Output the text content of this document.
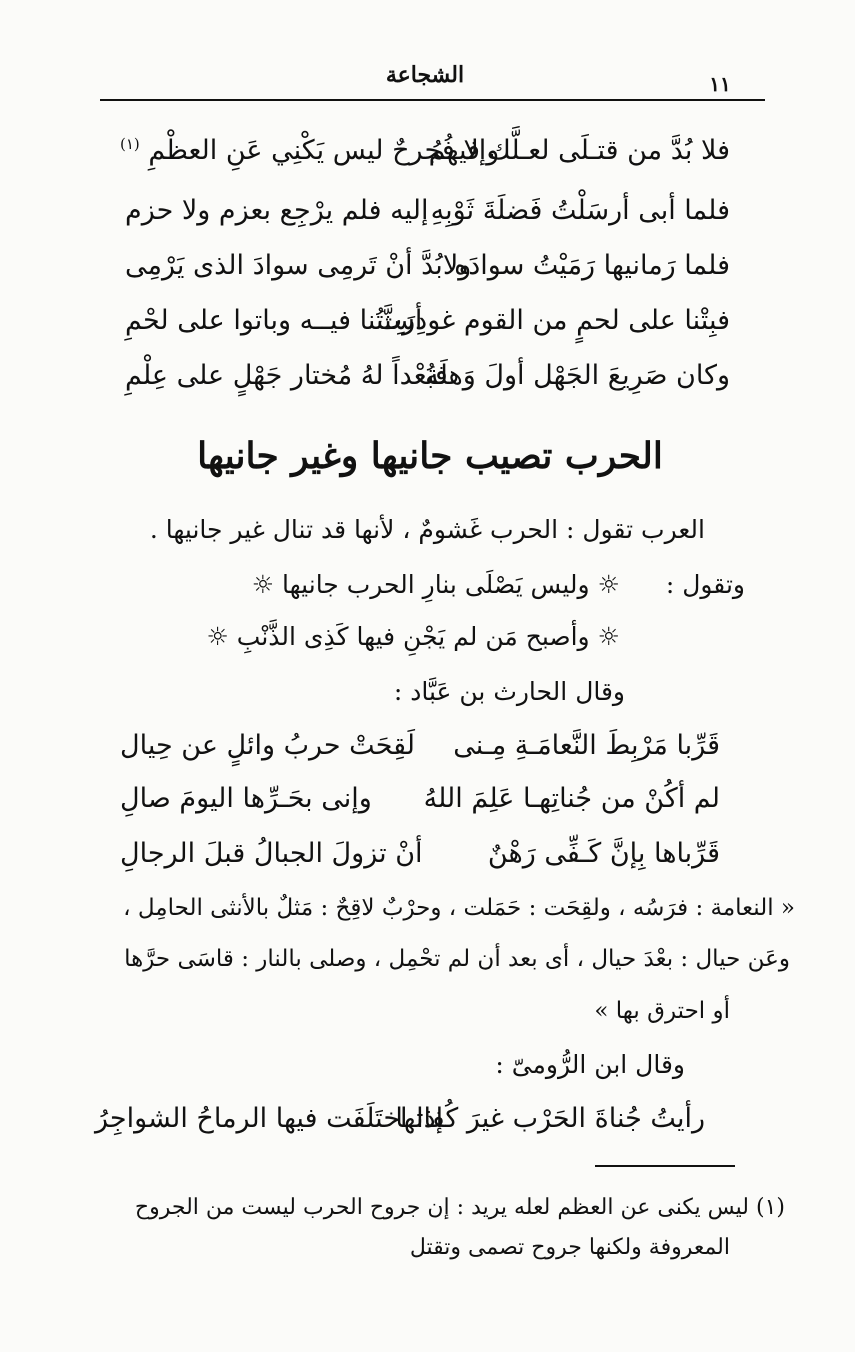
الشجاعة	١١
فلا بُدَّ من قتـلَى لعـلَّك فيهمُ
وإلا فُجرحٌ ليس يَكْنِي عَنِ العظْمِ $^{(١)}$
فلما أبى أرسَلْتُ فَضلَةَ ثَوْبِهِ
إليه فلم يرْجِع بعزم ولا حزم
فلما رَمانيها رَمَيْتُ سوادَه
ولابُدَّ أنْ تَرمِى سوادَ الذى يَرْمِى
فبِتْنا على لحمٍ من القوم غودِرَت
أسِنَّتُنا فيــه وباتوا على لحْمِ
وكان صَرِيعَ الجَهْل أولَ وَهلَة
فبُعْداً لهُ مُختار جَهْلٍ على عِلْمِ
الحرب تصيب جانيها وغير جانيها
العرب تقول : الحرب غَشومٌ ، لأنها قد تنال غير جانيها .
وتقول :
☼ وليس يَصْلَى بنارِ الحرب جانيها ☼
☼ وأصبح مَن لم يَجْنِ فيها كَذِى الذَّنْبِ ☼
وقال الحارث بن عَبَّاد :
قَرِّبا مَرْبِطَ النَّعامَـةِ مِـنى
لَقِحَتْ حربُ وائلٍ عن حِيال
لم أكُنْ من جُناتِهـا عَلِمَ اللهُ
وإنى بحَـرِّها اليومَ صالِ
قَرِّباها بِإنَّ كَـفِّى رَهْنٌ
أنْ تزولَ الجبالُ قبلَ الرجالِ
« النعامة : فرَسُه ، ولقِحَت : حَمَلت ، وحرْبٌ لاقِحٌ : مَثلٌ بالأنثى الحامِل ،
وعَن حيال : بعْدَ حيال ، أى بعد أن لم تحْمِل ، وصلى بالنار : قاسَى حرَّها
أو احترق بها »
وقال ابن الرُّومىّ :
رأيتُ جُناةَ الحَرْب غيرَ كُفاتها
إذا اختَلَفَت فيها الرماحُ الشواجِرُ
(١) ليس يكنى عن العظم لعله يريد : إن جروح الحرب ليست من الجروح
المعروفة ولكنها جروح تصمى وتقتل
